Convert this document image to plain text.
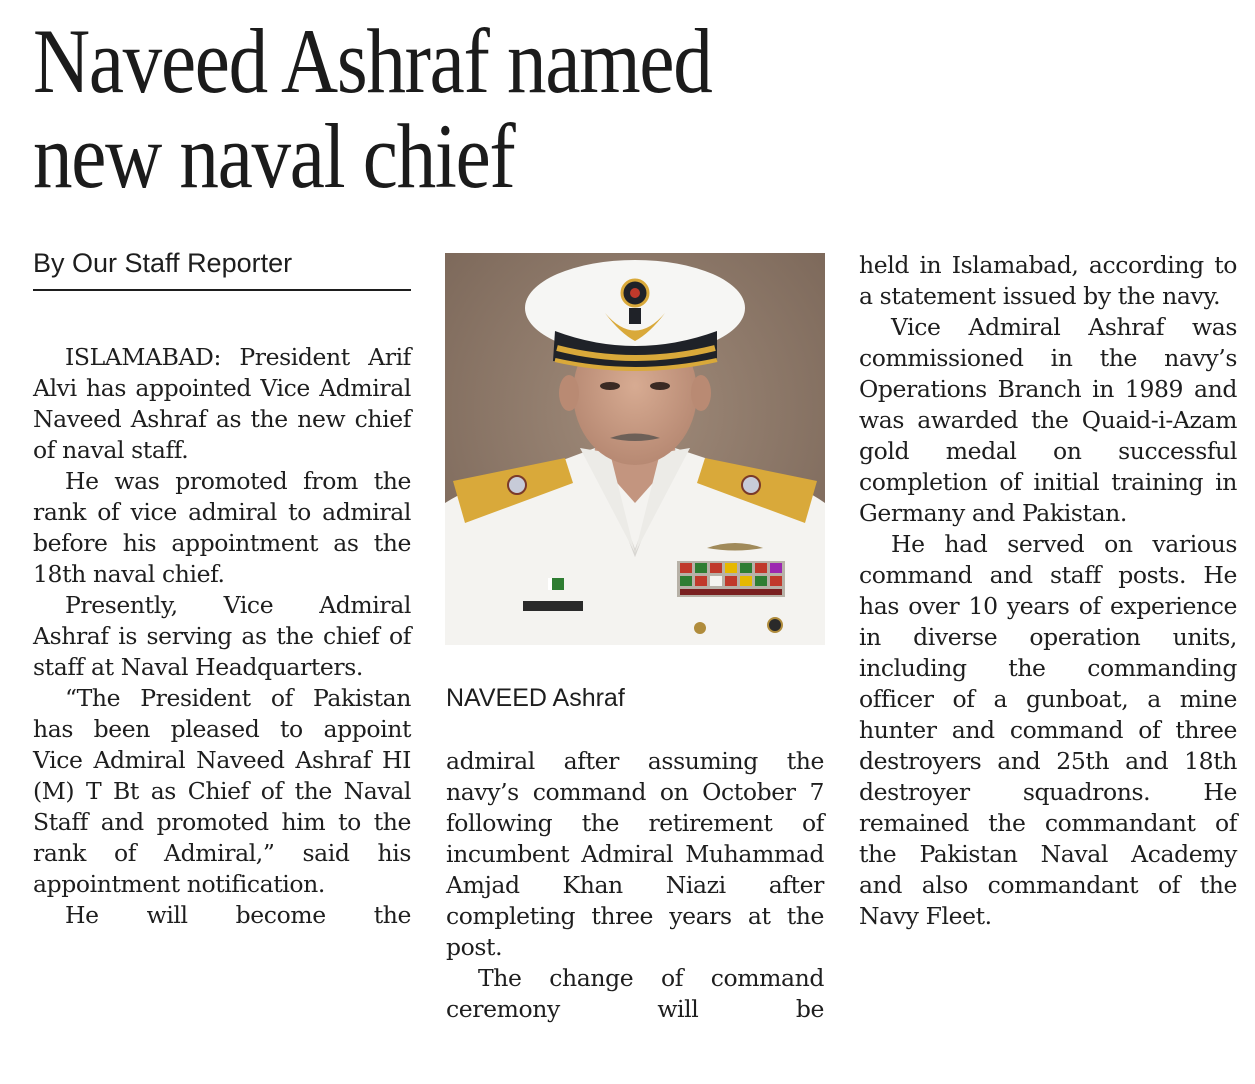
Naveed Ashraf named
new naval chief
By Our Staff Reporter

ISLAMABAD: President Arif Alvi has appointed Vice Admiral Naveed Ashraf as the new chief of naval staff.

He was promoted from the rank of vice admiral to admiral before his appointment as the 18th naval chief.

Presently, Vice Admiral Ashraf is serving as the chief of staff at Naval Headquarters.

“The President of Pakistan has been pleased to appoint Vice Admiral Naveed Ashraf HI (M) T Bt as Chief of the Naval Staff and promoted him to the rank of Admiral,” said his appointment notification.

He will become the

NAVEED Ashraf

admiral after assuming the navy’s command on October 7 following the retirement of incumbent Admiral Muhammad Amjad Khan Niazi after completing three years at the post.

The change of command ceremony will be

held in Islamabad, according to a statement issued by the navy.

Vice Admiral Ashraf was commissioned in the navy’s Operations Branch in 1989 and was awarded the Quaid-i-Azam gold medal on successful completion of initial training in Germany and Pakistan.

He had served on various command and staff posts. He has over 10 years of experience in diverse operation units, including the commanding officer of a gunboat, a mine hunter and command of three destroyers and 25th and 18th destroyer squadrons. He remained the commandant of the Pakistan Naval Academy and also commandant of the Navy Fleet.
